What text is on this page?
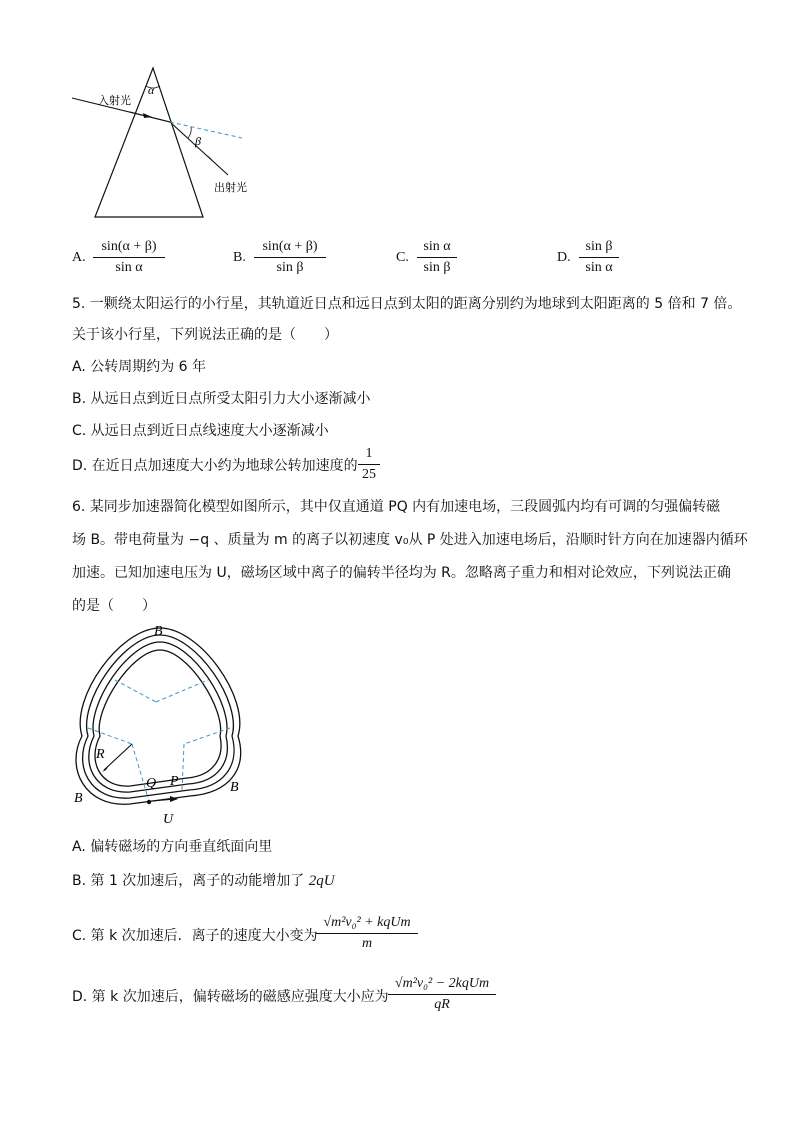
α
β
入射光
出射光
A.
sin(α + β)
sin α
B.
sin(α + β)
sin β
C.
sin α
sin β
D.
sin β
sin α
5. 一颗绕太阳运行的小行星，其轨道近日点和远日点到太阳的距离分别约为地球到太阳距离的 5 倍和 7 倍。
关于该小行星，下列说法正确的是（　　）
A. 公转周期约为 6 年
B. 从远日点到近日点所受太阳引力大小逐渐减小
C. 从远日点到近日点线速度大小逐渐减小
D. 在近日点加速度大小约为地球公转加速度的
1
25
6. 某同步加速器简化模型如图所示，其中仅直通道 PQ 内有加速电场，三段圆弧内均有可调的匀强偏转磁
场 B。带电荷量为 −q 、质量为 m 的离子以初速度 v₀从 P 处进入加速电场后，沿顺时针方向在加速器内循环
加速。已知加速电压为 U，磁场区域中离子的偏转半径均为 R。忽略离子重力和相对论效应，下列说法正确
的是（　　）
B
B
B
R
Q P
U
A. 偏转磁场的方向垂直纸面向里
B. 第 1 次加速后，离子的动能增加了 2qU
C. 第 k 次加速后．离子的速度大小变为
√m²v₀² + kqUm
m
D. 第 k 次加速后，偏转磁场的磁感应强度大小应为
√m²v₀² − 2kqUm
qR
